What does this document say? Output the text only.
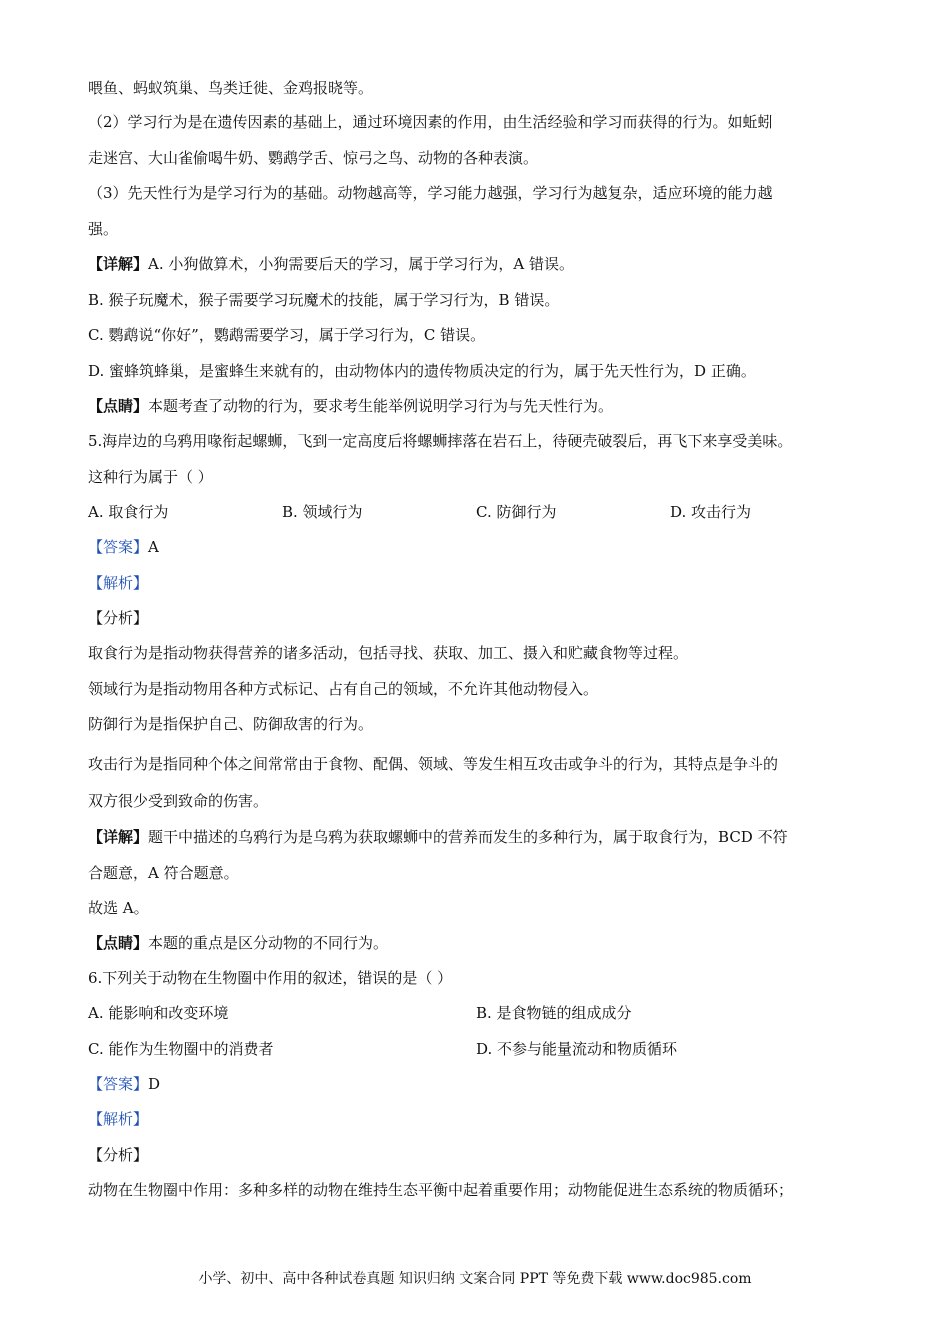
喂鱼、蚂蚁筑巢、鸟类迁徙、金鸡报晓等。
（2）学习行为是在遗传因素的基础上，通过环境因素的作用，由生活经验和学习而获得的行为。如蚯蚓
走迷宫、大山雀偷喝牛奶、鹦鹉学舌、惊弓之鸟、动物的各种表演。
（3）先天性行为是学习行为的基础。动物越高等，学习能力越强，学习行为越复杂，适应环境的能力越
强。
【详解】A. 小狗做算术，小狗需要后天的学习，属于学习行为，A 错误。
B. 猴子玩魔术，猴子需要学习玩魔术的技能，属于学习行为，B 错误。
C. 鹦鹉说“你好”，鹦鹉需要学习，属于学习行为，C 错误。
D. 蜜蜂筑蜂巢，是蜜蜂生来就有的，由动物体内的遗传物质决定的行为，属于先天性行为，D 正确。
【点睛】本题考查了动物的行为，要求考生能举例说明学习行为与先天性行为。
5.海岸边的乌鸦用喙衔起螺蛳，飞到一定高度后将螺蛳摔落在岩石上，待硬壳破裂后，再飞下来享受美味。
这种行为属于（ ）
A. 取食行为	B. 领域行为	C. 防御行为	D. 攻击行为
【答案】A
【解析】
【分析】
取食行为是指动物获得营养的诸多活动，包括寻找、获取、加工、摄入和贮藏食物等过程。
领域行为是指动物用各种方式标记、占有自己的领域，不允许其他动物侵入。
防御行为是指保护自己、防御敌害的行为。
攻击行为是指同种个体之间常常由于食物、配偶、领域、等发生相互攻击或争斗的行为，其特点是争斗的
双方很少受到致命的伤害。
【详解】题干中描述的乌鸦行为是乌鸦为获取螺蛳中的营养而发生的多种行为，属于取食行为，BCD 不符
合题意，A 符合题意。
故选 A。
【点睛】本题的重点是区分动物的不同行为。
6.下列关于动物在生物圈中作用的叙述，错误的是（ ）
A. 能影响和改变环境	B. 是食物链的组成成分
C. 能作为生物圈中的消费者	D. 不参与能量流动和物质循环
【答案】D
【解析】
【分析】
动物在生物圈中作用：多种多样的动物在维持生态平衡中起着重要作用；动物能促进生态系统的物质循环；
小学、初中、高中各种试卷真题 知识归纳 文案合同 PPT 等免费下载 www.doc985.com
